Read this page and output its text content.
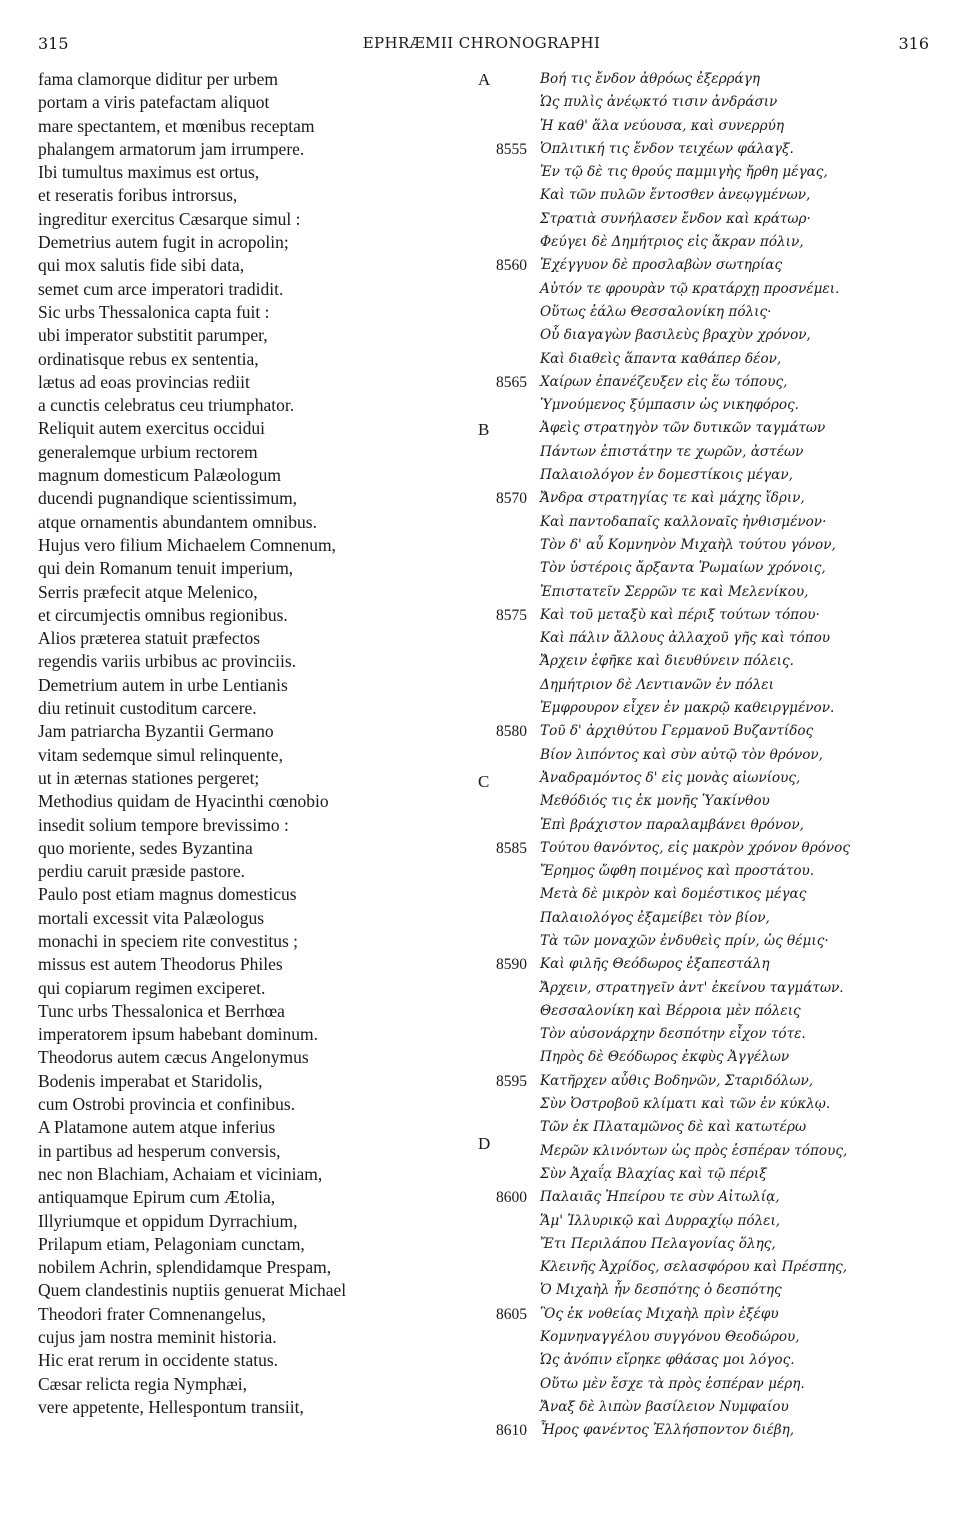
315	EPHRÆMII CHRONOGRAPHI	316
fama clamorque diditur per urbem
portam a viris patefactam aliquot
mare spectantem, et mœnibus receptam
phalangem armatorum jam irrumpere.
Ibi tumultus maximus est ortus,
et reseratis foribus introrsus,
ingreditur exercitus Cæsarque simul :
Demetrius autem fugit in acropolin;
qui mox salutis fide sibi data,
semet cum arce imperatori tradidit.
Sic urbs Thessalonica capta fuit :
ubi imperator substitit parumper,
ordinatisque rebus ex sententia,
lætus ad eoas provincias rediit
a cunctis celebratus ceu triumphator.
Reliquit autem exercitus occidui
generalemque urbium rectorem
magnum domesticum Palæologum
ducendi pugnandique scientissimum,
atque ornamentis abundantem omnibus.
Hujus vero filium Michaelem Comnenum,
qui dein Romanum tenuit imperium,
Serris præfecit atque Melenico,
et circumjectis omnibus regionibus.
Alios præterea statuit præfectos
regendis variis urbibus ac provinciis.
Demetrium autem in urbe Lentianis
diu retinuit custoditum carcere.
Jam patriarcha Byzantii Germano
vitam sedemque simul relinquente,
ut in æternas stationes pergeret;
Methodius quidam de Hyacinthi cœnobio
insedit solium tempore brevissimo :
quo moriente, sedes Byzantina
perdiu caruit præside pastore.
Paulo post etiam magnus domesticus
mortali excessit vita Palæologus
monachi in speciem rite convestitus ;
missus est autem Theodorus Philes
qui copiarum regimen exciperet.
Tunc urbs Thessalonica et Berrhœa
imperatorem ipsum habebant dominum.
Theodorus autem cæcus Angelonymus
Bodenis imperabat et Staridolis,
cum Ostrobi provincia et confinibus.
A Platamone autem atque inferius
in partibus ad hesperum conversis,
nec non Blachiam, Achaiam et viciniam,
antiquamque Epirum cum Ætolia,
Illyriumque et oppidum Dyrrachium,
Prilapum etiam, Pelagoniam cunctam,
nobilem Achrin, splendidamque Prespam,
Quem clandestinis nuptiis genuerat Michael
Theodori frater Comnenangelus,
cujus jam nostra meminit historia.
Hic erat rerum in occidente status.
Cæsar relicta regia Nymphæi,
vere appetente, Hellespontum transiit,
Βοή τις ἔνδον ἀθρόως ἐξερράγη
Ὡς πυλὶς ἀνέῳκτό τισιν ἀνδράσιν
Ἡ καθ' ἅλα νεύουσα, καὶ συνερρύη
8555 Ὁπλιτική τις ἔνδον τειχέων φάλαγξ.
Ἐν τῷ δὲ τις θρούς παμμιγὴς ἤρθη μέγας,
Καὶ τῶν πυλῶν ἔντοσθεν ἀνεῳγμένων,
Στρατιὰ συνήλασεν ἔνδον καὶ κράτωρ·
Φεύγει δὲ Δημήτριος εἰς ἄκραν πόλιν,
8560 Ἐχέγγυον δὲ προσλαβὼν σωτηρίας
Αὐτόν τε φρουρὰν τῷ κρατάρχῃ προσνέμει.
Οὕτως ἑάλω Θεσσαλονίκη πόλις·
Οὗ διαγαγὼν βασιλεὺς βραχὺν χρόνον,
Καὶ διαθεὶς ἅπαντα καθάπερ δέον,
8565 Χαίρων ἐπανέζευξεν εἰς ἕω τόπους,
Ὑμνούμενος ξύμπασιν ὡς νικηφόρος.
Ἀφεὶς στρατηγὸν τῶν δυτικῶν ταγμάτων
Πάντων ἐπιστάτην τε χωρῶν, ἀστέων
Παλαιολόγον ἐν δομεστίκοις μέγαν,
8570 Ἄνδρα στρατηγίας τε καὶ μάχης ἴδριν,
Καὶ παντοδαπαῖς καλλοναῖς ἠνθισμένον·
Τὸν δ' αὖ Κομνηνὸν Μιχαὴλ τούτου γόνον,
Τὸν ὑστέροις ἄρξαντα Ῥωμαίων χρόνοις,
Ἐπιστατεῖν Σερρῶν τε καὶ Μελενίκου,
8575 Καὶ τοῦ μεταξὺ καὶ πέριξ τούτων τόπου·
Καὶ πάλιν ἄλλους ἀλλαχοῦ γῆς καὶ τόπου
Ἄρχειν ἐφῆκε καὶ διευθύνειν πόλεις.
Δημήτριον δὲ Λεντιανῶν ἐν πόλει
Ἐμφρουρον εἶχεν ἐν μακρῷ καθειργμένον.
8580 Τοῦ δ' ἀρχιθύτου Γερμανοῦ Βυζαντίδος
Βίον λιπόντος καὶ σὺν αὐτῷ τὸν θρόνον,
Ἀναδραμόντος δ' εἰς μονὰς αἰωνίους,
Μεθόδιός τις ἐκ μονῆς Ὑακίνθου
Ἐπὶ βράχιστον παραλαμβάνει θρόνον,
8585 Τούτου θανόντος, εἰς μακρὸν χρόνον θρόνος
Ἔρημος ὤφθη ποιμένος καὶ προστάτου.
Μετὰ δὲ μικρὸν καὶ δομέστικος μέγας
Παλαιολόγος ἐξαμείβει τὸν βίον,
Τὰ τῶν μοναχῶν ἐνδυθεὶς πρίν, ὡς θέμις·
8590 Καὶ φιλῆς Θεόδωρος ἐξαπεστάλη
Ἄρχειν, στρατηγεῖν ἀντ' ἐκείνου ταγμάτων.
Θεσσαλονίκη καὶ Βέρροια μὲν πόλεις
Τὸν αὐσονάρχην δεσπότην εἶχον τότε.
Πηρὸς δὲ Θεόδωρος ἐκφὺς Ἀγγέλων
8595 Κατῆρχεν αὖθις Βοδηνῶν, Σταριδόλων,
Σὺν Ὀστροβοῦ κλίματι καὶ τῶν ἐν κύκλῳ.
Τῶν ἐκ Πλαταμῶνος δὲ καὶ κατωτέρω
Μερῶν κλινόντων ὡς πρὸς ἑσπέραν τόπους,
Σὺν Ἀχαΐᾳ Βλαχίας καὶ τῷ πέριξ
8600 Παλαιᾶς Ἠπείρου τε σὺν Αἰτωλίᾳ,
Ἅμ' Ἰλλυρικῷ καὶ Δυρραχίῳ πόλει,
Ἔτι Περιλάπου Πελαγονίας ὅλης,
Κλεινῆς Ἀχρίδος, σελασφόρου καὶ Πρέσπης,
Ὁ Μιχαὴλ ἦν δεσπότης ὁ δεσπότης
8605 Ὃς ἐκ νοθείας Μιχαὴλ πρὶν ἐξέφυ
Κομνηναγγέλου συγγόνου Θεοδώρου,
Ὡς ἀνόπιν εἴρηκε φθάσας μοι λόγος.
Οὕτω μὲν ἔσχε τὰ πρὸς ἑσπέραν μέρη.
Ἄναξ δὲ λιπὼν βασίλειον Νυμφαίου
8610 Ἦρος φανέντος Ἑλλήσποντον διέβη,
A
B
C
D
